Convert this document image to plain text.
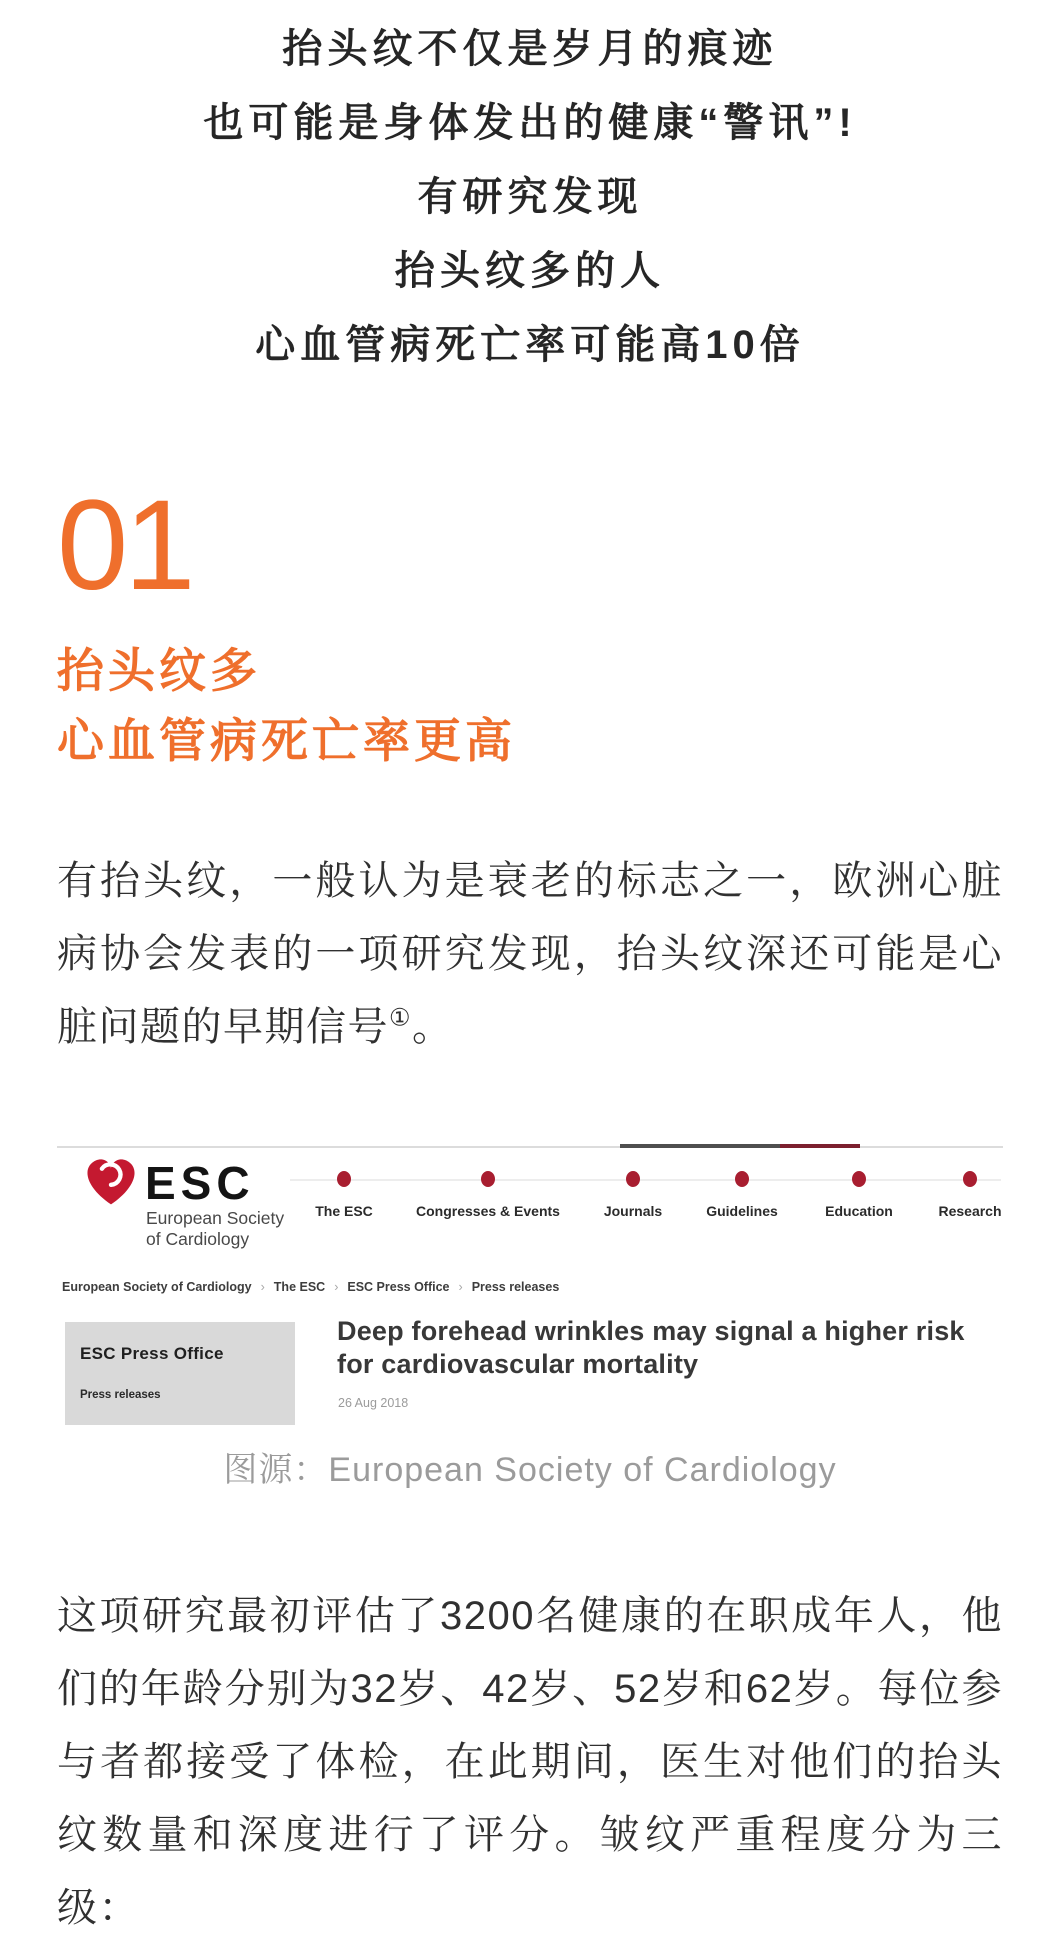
抬头纹不仅是岁月的痕迹
也可能是身体发出的健康“警讯”!
有研究发现
抬头纹多的人
心血管病死亡率可能高10倍
01
抬头纹多
心血管病死亡率更高
有抬头纹，一般认为是衰老的标志之一，欧洲心脏病协会发表的一项研究发现，抬头纹深还可能是心脏问题的早期信号①。
ESC
European Society
of Cardiology
The ESC	Congresses & Events	Journals	Guidelines	Education	Research
European Society of Cardiology › The ESC › ESC Press Office › Press releases
ESC Press Office
Press releases
Deep forehead wrinkles may signal a higher risk for cardiovascular mortality
26 Aug 2018
图源：European Society of Cardiology
这项研究最初评估了3200名健康的在职成年人，他们的年龄分别为32岁、42岁、52岁和62岁。每位参与者都接受了体检，在此期间，医生对他们的抬头纹数量和深度进行了评分。皱纹严重程度分为三级：
